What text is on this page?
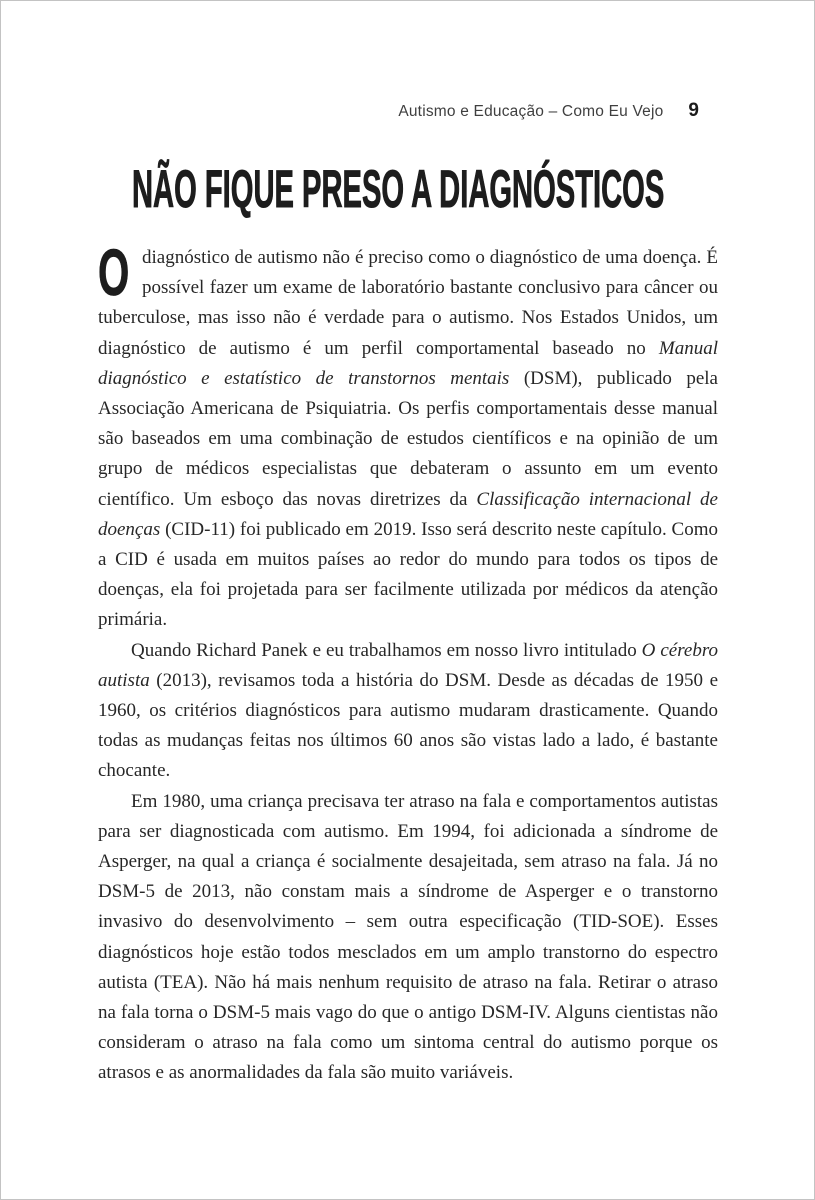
Autismo e Educação – Como Eu Vejo 9
NÃO FIQUE PRESO A DIAGNÓSTICOS

Odiagnóstico de autismo não é preciso como o diagnóstico de uma doença. É possível fazer um exame de laboratório bastante conclusivo para câncer ou tuberculose, mas isso não é verdade para o autismo. Nos Estados Unidos, um diagnóstico de autismo é um perfil comportamental baseado no Manual diagnóstico e estatístico de transtornos mentais (DSM), publicado pela Associação Americana de Psiquiatria. Os perfis comportamentais desse manual são baseados em uma combinação de estudos científicos e na opinião de um grupo de médicos especialistas que debateram o assunto em um evento científico. Um esboço das novas diretrizes da Classificação internacional de doenças (CID-11) foi publicado em 2019. Isso será descrito neste capítulo. Como a CID é usada em muitos países ao redor do mundo para todos os tipos de doenças, ela foi projetada para ser facilmente utilizada por médicos da atenção primária.

Quando Richard Panek e eu trabalhamos em nosso livro intitulado O cérebro autista (2013), revisamos toda a história do DSM. Desde as décadas de 1950 e 1960, os critérios diagnósticos para autismo mudaram drasticamente. Quando todas as mudanças feitas nos últimos 60 anos são vistas lado a lado, é bastante chocante.

Em 1980, uma criança precisava ter atraso na fala e comportamentos autistas para ser diagnosticada com autismo. Em 1994, foi adicionada a síndrome de Asperger, na qual a criança é socialmente desajeitada, sem atraso na fala. Já no DSM-5 de 2013, não constam mais a síndrome de Asperger e o transtorno invasivo do desenvolvimento – sem outra especificação (TID-SOE). Esses diagnósticos hoje estão todos mesclados em um amplo transtorno do espectro autista (TEA). Não há mais nenhum requisito de atraso na fala. Retirar o atraso na fala torna o DSM-5 mais vago do que o antigo DSM-IV. Alguns cientistas não consideram o atraso na fala como um sintoma central do autismo porque os atrasos e as anormalidades da fala são muito variáveis.
